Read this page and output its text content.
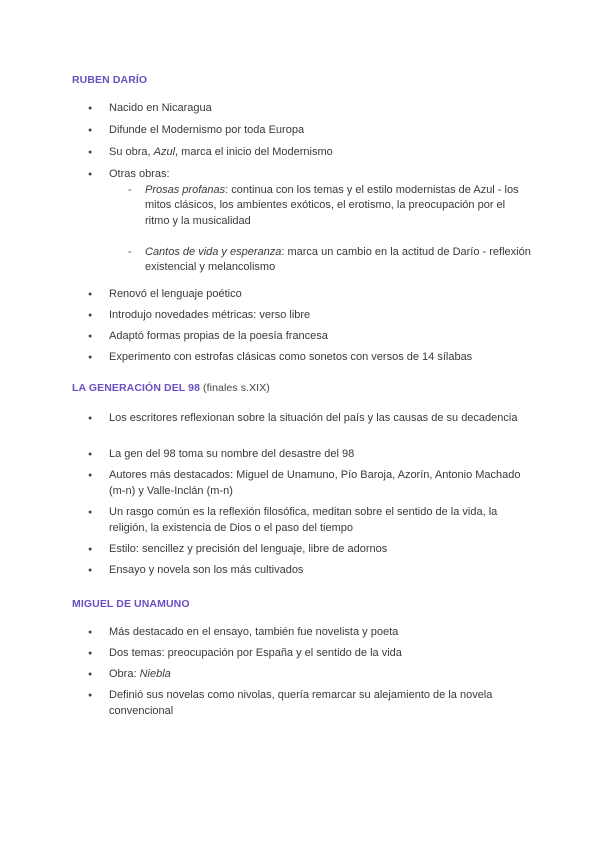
RUBEN DARÍO
● Nacido en Nicaragua
● Difunde el Modernismo por toda Europa
● Su obra, Azul, marca el inicio del Modernismo
● Otras obras:
- Prosas profanas: continua con los temas y el estilo modernistas de Azul - los mitos clásicos, los ambientes exóticos, el erotismo, la preocupación por el ritmo y la musicalidad
- Cantos de vida y esperanza: marca un cambio en la actitud de Darío - reflexión existencial y melancolismo
● Renovó el lenguaje poético
● Introdujo novedades métricas: verso libre
● Adaptó formas propias de la poesía francesa
● Experimento con estrofas clásicas como sonetos con versos de 14 sílabas
LA GENERACIÓN DEL 98 (finales s.XIX)
● Los escritores reflexionan sobre la situación del país y las causas de su decadencia
● La gen del 98 toma su nombre del desastre del 98
● Autores más destacados: Miguel de Unamuno, Pío Baroja, Azorín, Antonio Machado (m-n) y Valle-Inclán (m-n)
● Un rasgo común es la reflexión filosófica, meditan sobre el sentido de la vida, la religión, la existencia de Dios o el paso del tiempo
● Estilo: sencillez y precisión del lenguaje, libre de adornos
● Ensayo y novela son los más cultivados
MIGUEL DE UNAMUNO
● Más destacado en el ensayo, también fue novelista y poeta
● Dos temas: preocupación por España y el sentido de la vida
● Obra: Niebla
● Definió sus novelas como nivolas, quería remarcar su alejamiento de la novela convencional
